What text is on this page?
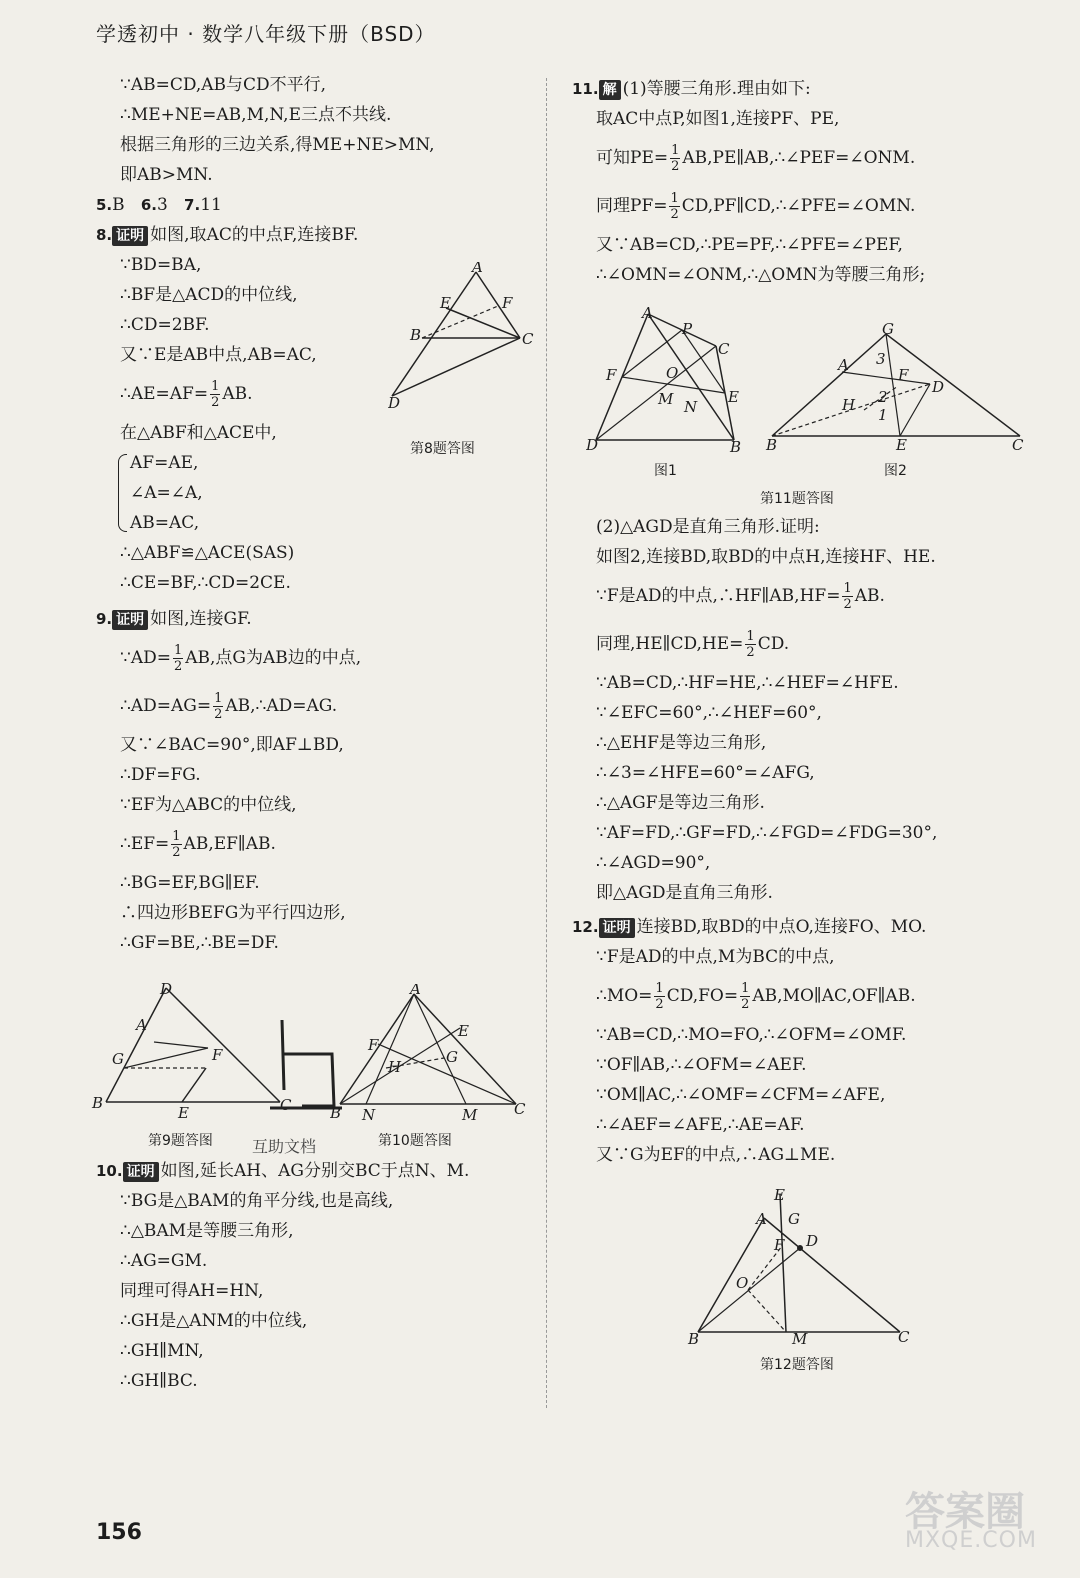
学透初中 · 数学八年级下册（BSD）
∵AB=CD,AB与CD不平行,
∴ME+NE=AB,M,N,E三点不共线.
根据三角形的三边关系,得ME+NE>MN,
即AB>MN.
5.B 6.3 7.11
8. 证明 如图,取AC的中点F,连接BF.
∵BD=BA,
∴BF是△ACD的中位线,
∴CD=2BF.
又∵E是AB中点,AB=AC,
∴AE=AF= $\frac{1}{2}$ AB.
在△ABF和△ACE中,
AF=AE,
∠A=∠A,
AB=AC,
∴△ABF≌△ACE(SAS)
∴CE=BF,∴CD=2CE.
9. 证明 如图,连接GF.
∵AD= $\frac{1}{2}$ AB,点G为AB边的中点,
∴AD=AG= $\frac{1}{2}$ AB,∴AD=AG.
又∵∠BAC=90°,即AF⊥BD,
∴DF=FG.
∵EF为△ABC的中位线,
∴EF= $\frac{1}{2}$ AB,EF∥AB.
∴BG=EF,BG∥EF.
∴四边形BEFG为平行四边形,
∴GF=BE,∴BE=DF.
A
E	F
B	C
D
第8题答图
D
A
G	F
B
E	C
第9题答图
A
F
E
H
G
B N	M C
第10题答图
互助文档
10. 证明 如图,延长AH、AG分别交BC于点N、M.
∵BG是△BAM的角平分线,也是高线,
∴△BAM是等腰三角形,
∴AG=GM.
同理可得AH=HN,
∴GH是△ANM的中位线,
∴GH∥MN,
∴GH∥BC.
11. 解 (1)等腰三角形.理由如下:
取AC中点P,如图1,连接PF、PE,
可知$PE= \frac{1}{2}$ AB,PE∥AB,∴∠PEF=∠ONM.
同理$PF= \frac{1}{2}$ CD,PF∥CD,∴∠PFE=∠OMN.
又∵AB=CD,∴PE=PF,∴∠PFE=∠PEF,
∴∠OMN=∠ONM,∴△OMN为等腰三角形;
A
P
C
F	O
M N
E
D	B
图1
G
A 3
F
D
2
H
1
B	E	C
图2
第11题答图
(2)△AGD是直角三角形.证明:
如图2,连接BD,取BD的中点H,连接HF、HE.
∵F是AD的中点,∴HF∥AB,HF= $\frac{1}{2}$ AB.
同理,HE∥CD,HE= $\frac{1}{2}$ CD.
∵AB=CD,∴HF=HE,∴∠HEF=∠HFE.
∵∠EFC=60°,∴∠HEF=60°,
∴△EHF是等边三角形,
∴∠3=∠HFE=60°=∠AFG,
∴△AGF是等边三角形.
∵AF=FD,∴GF=FD,∴∠FGD=∠FDG=30°,
∴∠AGD=90°,
即△AGD是直角三角形.
12. 证明 连接BD,取BD的中点O,连接FO、MO.
∵F是AD的中点,M为BC的中点,
∴MO= $\frac{1}{2} CD,FO= \frac{1}{2}$ AB,MO∥AC,OF∥AB.
∵AB=CD,∴MO=FO,∴∠OFM=∠OMF.
∵OF∥AB,∴∠OFM=∠AEF.
∵OM∥AC,∴∠OMF=∠CFM=∠AFE,
∴∠AEF=∠AFE,∴AE=AF.
又∵G为EF的中点,∴AG⊥ME.
E
A G
F D
O
B	M	C
第12题答图
156	答案圈
MXQE.COM
